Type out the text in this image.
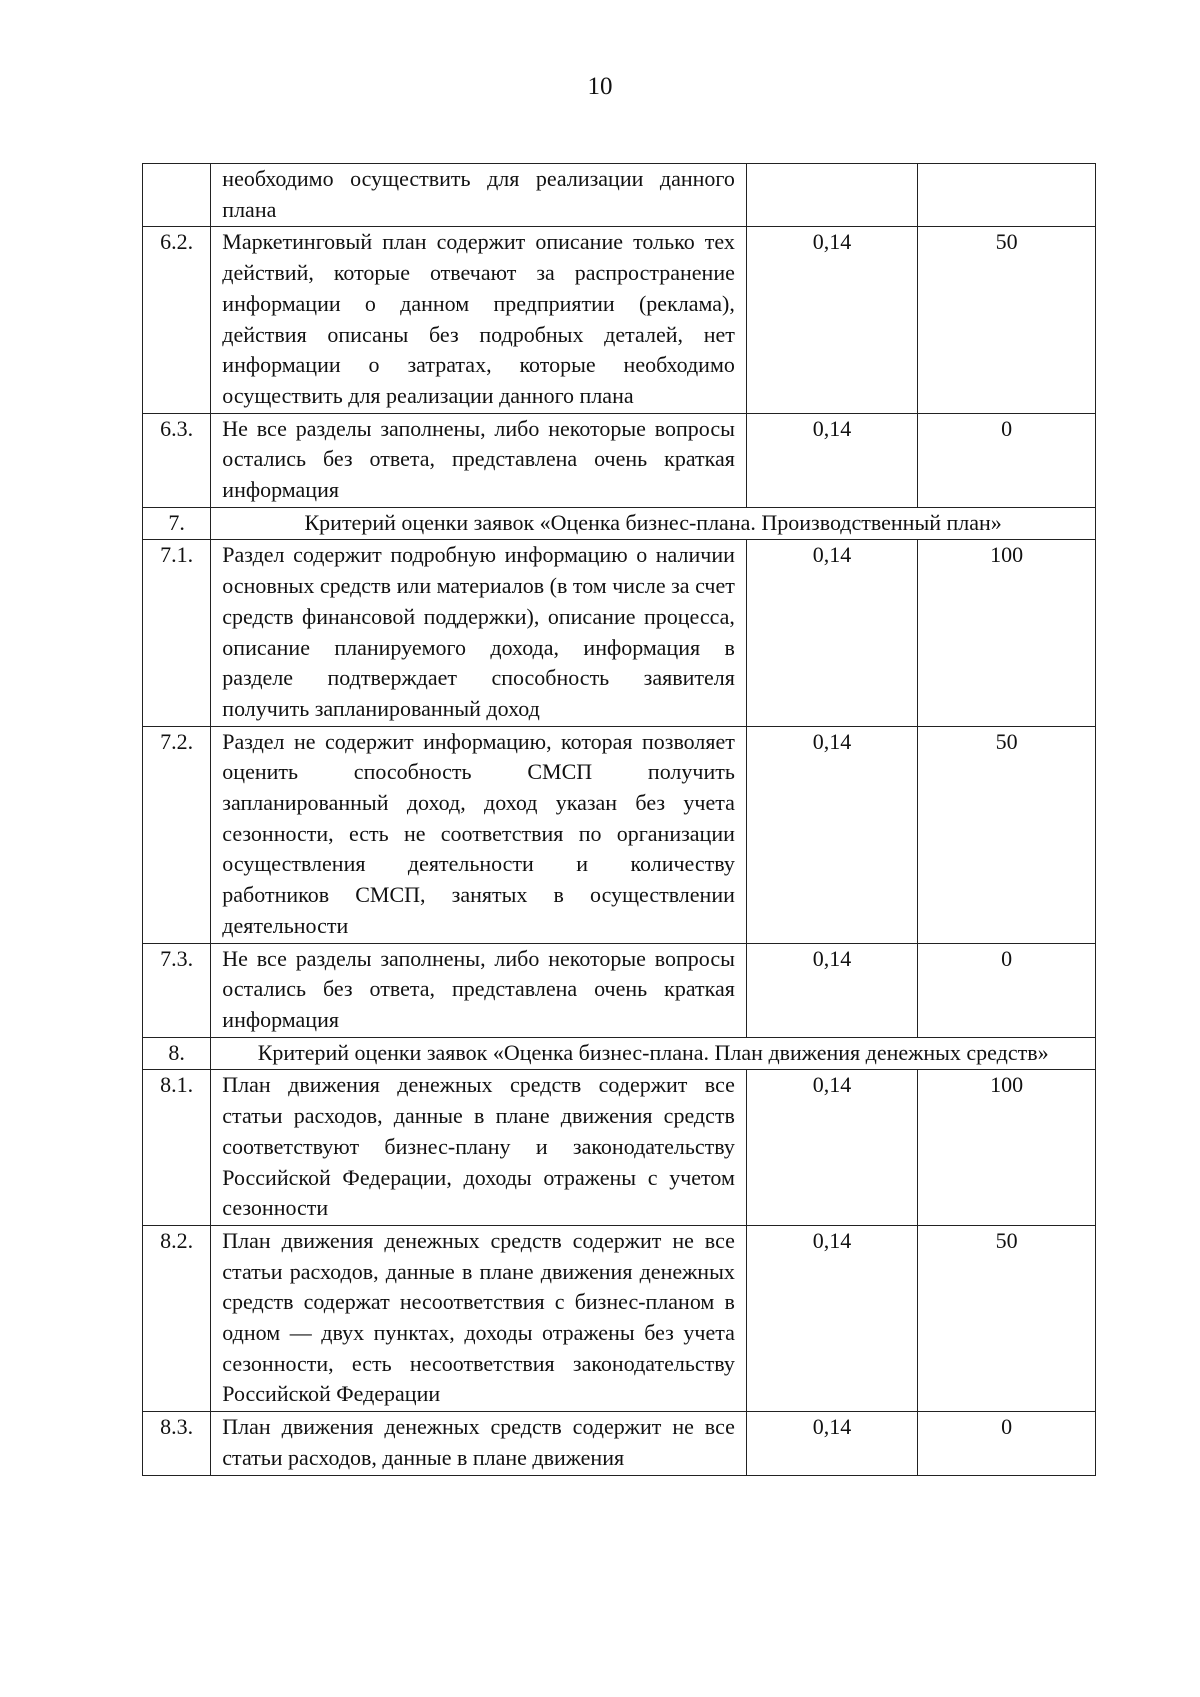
10
	необходимо осуществить для реализации данного плана		
6.2.	Маркетинговый план содержит описание только тех действий, которые отвечают за распространение информации о данном предприятии (реклама), действия описаны без подробных деталей, нет информации о затратах, которые необходимо осуществить для реализации данного плана	0,14	50
6.3.	Не все разделы заполнены, либо некоторые вопросы остались без ответа, представлена очень краткая информация	0,14	0
7.	Критерий оценки заявок «Оценка бизнес-плана. Производственный план»		
7.1.	Раздел содержит подробную информацию о наличии основных средств или материалов (в том числе за счет средств финансовой поддержки), описание процесса, описание планируемого дохода, информация в разделе подтверждает способность заявителя получить запланированный доход	0,14	100
7.2.	Раздел не содержит информацию, которая позволяет оценить способность СМСП получить запланированный доход, доход указан без учета сезонности, есть не соответствия по организации осуществления деятельности и количеству работников СМСП, занятых в осуществлении деятельности	0,14	50
7.3.	Не все разделы заполнены, либо некоторые вопросы остались без ответа, представлена очень краткая информация	0,14	0
8.	Критерий оценки заявок «Оценка бизнес-плана. План движения денежных средств»		
8.1.	План движения денежных средств содержит все статьи расходов, данные в плане движения средств соответствуют бизнес-плану и законодательству Российской Федерации, доходы отражены с учетом сезонности	0,14	100
8.2.	План движения денежных средств содержит не все статьи расходов, данные в плане движения денежных средств содержат несоответствия с бизнес-планом в одном — двух пунктах, доходы отражены без учета сезонности, есть несоответствия законодательству Российской Федерации	0,14	50
8.3.	План движения денежных средств содержит не все статьи расходов, данные в плане движения	0,14	0
